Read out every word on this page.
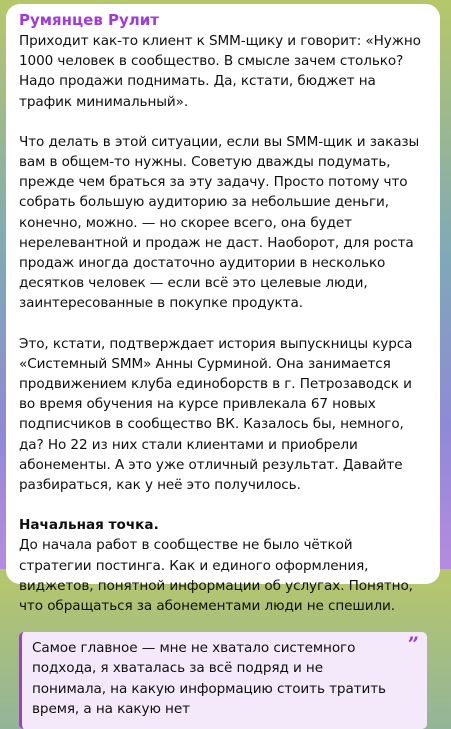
Румянцев Рулит

Приходит как-то клиент к SMM-щику и говорит: «Нужно 1000 человек в сообщество. В смысле зачем столько? Надо продажи поднимать. Да, кстати, бюджет на трафик минимальный».

Что делать в этой ситуации, если вы SMM-щик и заказы вам в общем-то нужны. Советую дважды подумать, прежде чем браться за эту задачу. Просто потому что собрать большую аудиторию за небольшие деньги, конечно, можно. — но скорее всего, она будет нерелевантной и продаж не даст. Наоборот, для роста продаж иногда достаточно аудитории в несколько десятков человек — если всё это целевые люди, заинтересованные в покупке продукта.

Это, кстати, подтверждает история выпускницы курса «Системный SMM» Анны Сурминой. Она занимается продвижением клуба единоборств в г. Петрозаводск и во время обучения на курсе привлекала 67 новых подписчиков в сообщество ВК. Казалось бы, немного, да? Но 22 из них стали клиентами и приобрели абонементы. А это уже отличный результат. Давайте разбираться, как у неё это получилось.

Начальная точка.

До начала работ в сообществе не было чёткой стратегии постинга. Как и единого оформления, виджетов, понятной информации об услугах. Понятно, что обращаться за абонементами люди не спешили.

”
Самое главное — мне не хватало системного подхода, я хваталась за всё подряд и не понимала, на какую информацию стоить тратить время, а на какую нет
